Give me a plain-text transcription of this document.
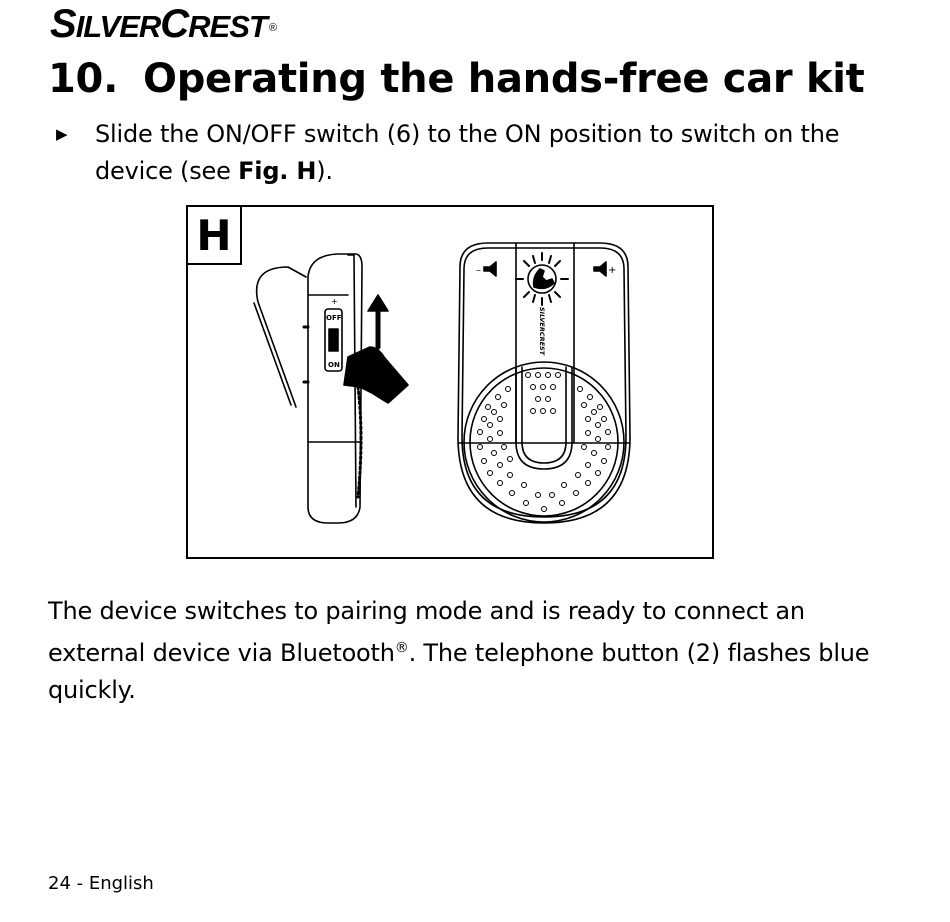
SILVERCREST ®
10. Operating the hands-free car kit
▶ Slide the ON/OFF switch (6) to the ON position to switch on the device (see Fig. H).
H
OFF
ON
+
–	+
SILVERCREST

The device switches to pairing mode and is ready to connect an external device via Bluetooth®. The telephone button (2) flashes blue quickly.

24 - English
